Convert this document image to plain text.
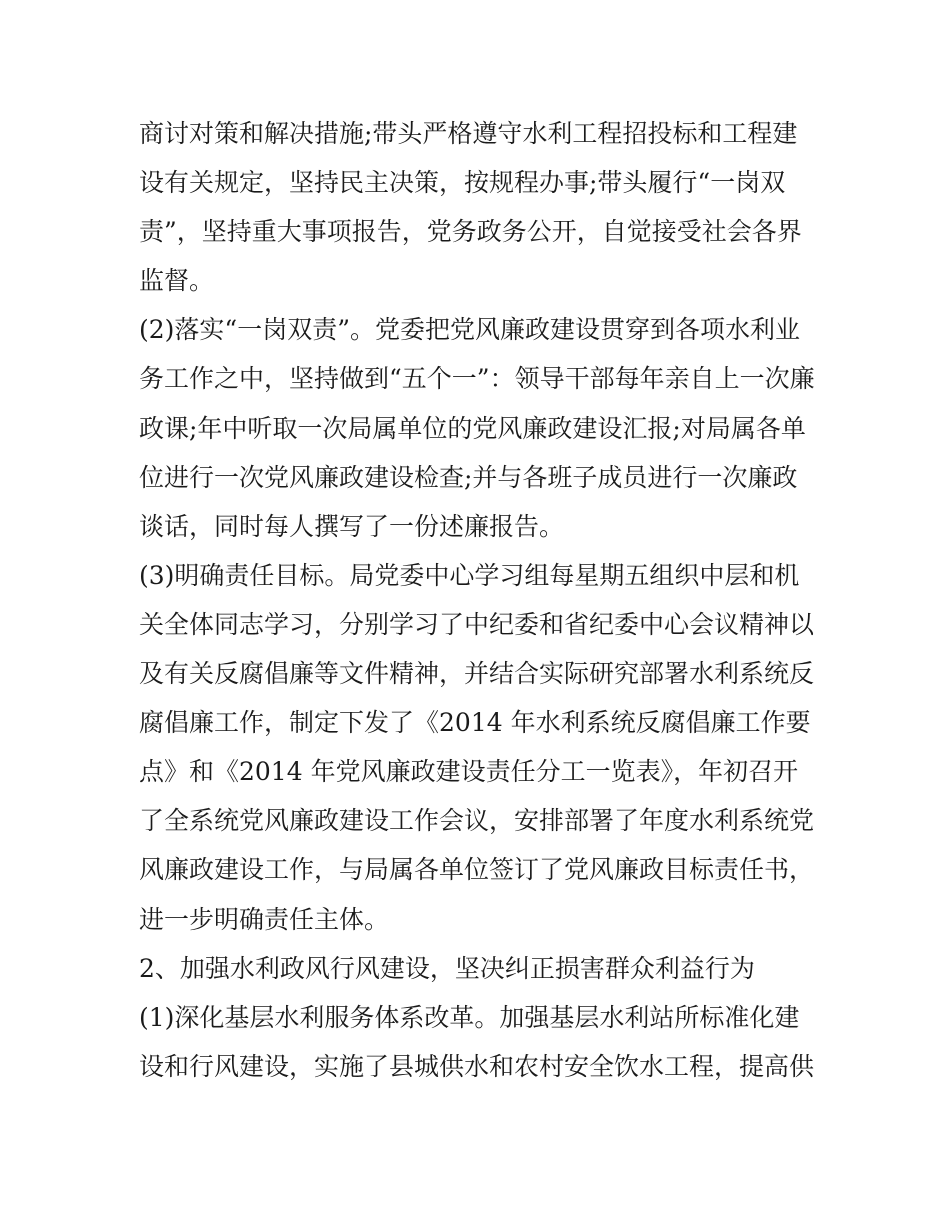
商讨对策和解决措施;带头严格遵守水利工程招投标和工程建
设有关规定，坚持民主决策，按规程办事;带头履行“一岗双
责”，坚持重大事项报告，党务政务公开，自觉接受社会各界
监督。
(2)落实“一岗双责”。党委把党风廉政建设贯穿到各项水利业
务工作之中，坚持做到“五个一”：领导干部每年亲自上一次廉
政课;年中听取一次局属单位的党风廉政建设汇报;对局属各单
位进行一次党风廉政建设检查;并与各班子成员进行一次廉政
谈话，同时每人撰写了一份述廉报告。
(3)明确责任目标。局党委中心学习组每星期五组织中层和机
关全体同志学习，分别学习了中纪委和省纪委中心会议精神以
及有关反腐倡廉等文件精神，并结合实际研究部署水利系统反
腐倡廉工作，制定下发了《2014 年水利系统反腐倡廉工作要
点》和《2014 年党风廉政建设责任分工一览表》，年初召开
了全系统党风廉政建设工作会议，安排部署了年度水利系统党
风廉政建设工作，与局属各单位签订了党风廉政目标责任书，
进一步明确责任主体。
2、加强水利政风行风建设，坚决纠正损害群众利益行为
(1)深化基层水利服务体系改革。加强基层水利站所标准化建
设和行风建设，实施了县城供水和农村安全饮水工程，提高供
